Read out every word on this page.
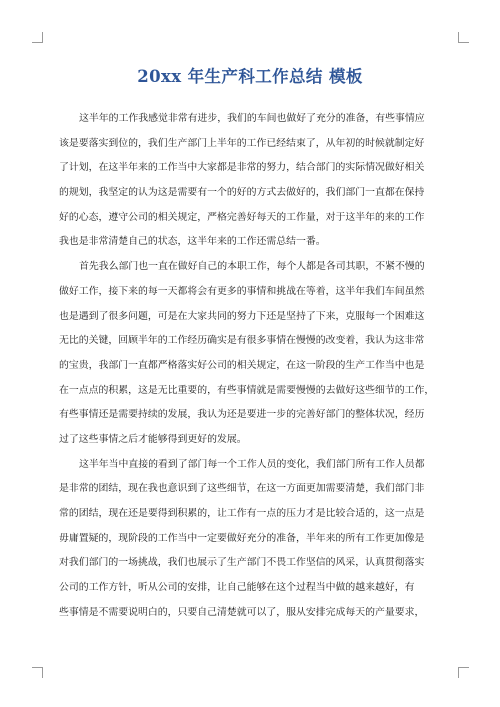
20xx 年生产科工作总结 模板
这半年的工作我感觉非常有进步，我们的车间也做好了充分的准备，有些事情应
该是要落实到位的，我们生产部门上半年的工作已经结束了，从年初的时候就制定好
了计划，在这半年来的工作当中大家都是非常的努力，结合部门的实际情况做好相关
的规划，我坚定的认为这是需要有一个的好的方式去做好的，我们部门一直都在保持
好的心态，遵守公司的相关规定，严格完善好每天的工作量，对于这半年的来的工作
我也是非常清楚自己的状态，这半年来的工作还需总结一番。
首先我么部门也一直在做好自己的本职工作，每个人都是各司其职，不紧不慢的
做好工作，接下来的每一天都将会有更多的事情和挑战在等着，这半年我们车间虽然
也是遇到了很多问题，可是在大家共同的努力下还是坚持了下来，克服每一个困难这
无比的关键，回顾半年的工作经历确实是有很多事情在慢慢的改变着，我认为这非常
的宝贵，我部门一直都严格落实好公司的相关规定，在这一阶段的生产工作当中也是
在一点点的积累，这是无比重要的，有些事情就是需要慢慢的去做好这些细节的工作，
有些事情还是需要持续的发展，我认为还是要进一步的完善好部门的整体状况，经历
过了这些事情之后才能够得到更好的发展。
这半年当中直接的看到了部门每一个工作人员的变化，我们部门所有工作人员都
是非常的团结，现在我也意识到了这些细节，在这一方面更加需要清楚，我们部门非
常的团结，现在还是要得到积累的，让工作有一点的压力才是比较合适的，这一点是
毋庸置疑的，现阶段的工作当中一定要做好充分的准备，半年来的所有工作更加像是
对我们部门的一场挑战，我们也展示了生产部门不畏工作坚信的风采，认真贯彻落实
公司的工作方针，听从公司的安排，让自己能够在这个过程当中做的越来越好，有
些事情是不需要说明白的，只要自己清楚就可以了，服从安排完成每天的产量要求，
